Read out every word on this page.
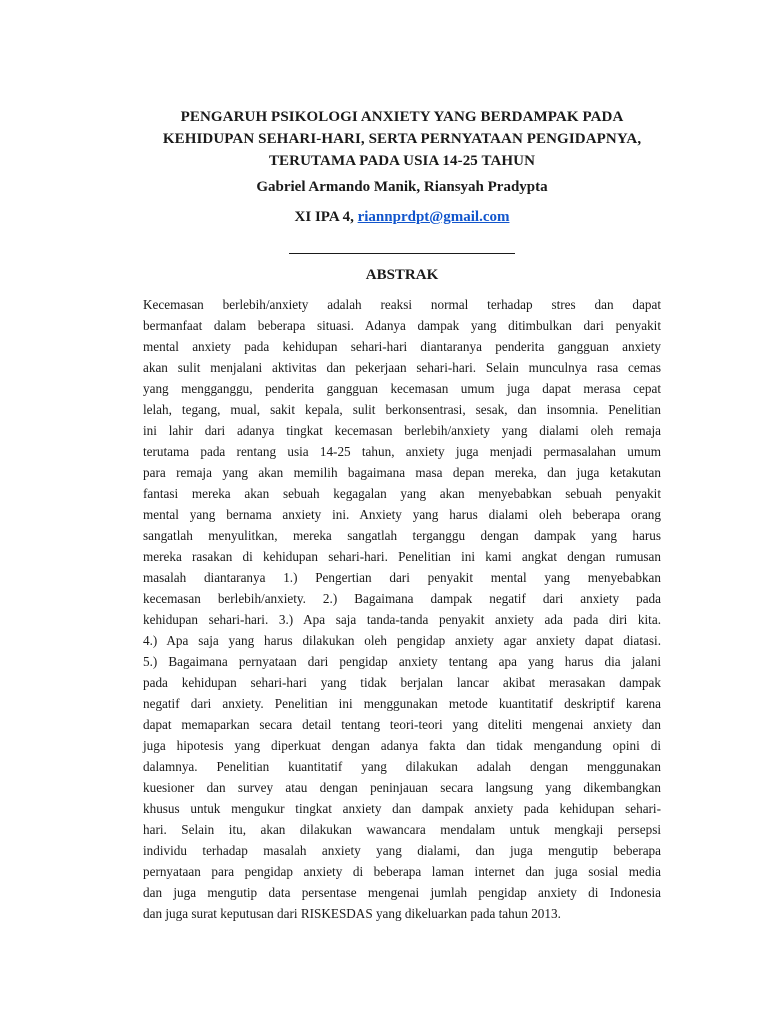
PENGARUH PSIKOLOGI ANXIETY YANG BERDAMPAK PADA
KEHIDUPAN SEHARI-HARI, SERTA PERNYATAAN PENGIDAPNYA,
TERUTAMA PADA USIA 14-25 TAHUN
Gabriel Armando Manik, Riansyah Pradypta
XI IPA 4, riannprdpt@gmail.com
ABSTRAK
Kecemasan berlebih/anxiety adalah reaksi normal terhadap stres dan dapat
bermanfaat dalam beberapa situasi. Adanya dampak yang ditimbulkan dari penyakit
mental anxiety pada kehidupan sehari-hari diantaranya penderita gangguan anxiety
akan sulit menjalani aktivitas dan pekerjaan sehari-hari. Selain munculnya rasa cemas
yang mengganggu, penderita gangguan kecemasan umum juga dapat merasa cepat
lelah, tegang, mual, sakit kepala, sulit berkonsentrasi, sesak, dan insomnia. Penelitian
ini lahir dari adanya tingkat kecemasan berlebih/anxiety yang dialami oleh remaja
terutama pada rentang usia 14-25 tahun, anxiety juga menjadi permasalahan umum
para remaja yang akan memilih bagaimana masa depan mereka, dan juga ketakutan
fantasi mereka akan sebuah kegagalan yang akan menyebabkan sebuah penyakit
mental yang bernama anxiety ini. Anxiety yang harus dialami oleh beberapa orang
sangatlah menyulitkan, mereka sangatlah terganggu dengan dampak yang harus
mereka rasakan di kehidupan sehari-hari. Penelitian ini kami angkat dengan rumusan
masalah diantaranya 1.) Pengertian dari penyakit mental yang menyebabkan
kecemasan berlebih/anxiety. 2.) Bagaimana dampak negatif dari anxiety pada
kehidupan sehari-hari. 3.) Apa saja tanda-tanda penyakit anxiety ada pada diri kita.
4.) Apa saja yang harus dilakukan oleh pengidap anxiety agar anxiety dapat diatasi.
5.) Bagaimana pernyataan dari pengidap anxiety tentang apa yang harus dia jalani
pada kehidupan sehari-hari yang tidak berjalan lancar akibat merasakan dampak
negatif dari anxiety. Penelitian ini menggunakan metode kuantitatif deskriptif karena
dapat memaparkan secara detail tentang teori-teori yang diteliti mengenai anxiety dan
juga hipotesis yang diperkuat dengan adanya fakta dan tidak mengandung opini di
dalamnya. Penelitian kuantitatif yang dilakukan adalah dengan menggunakan
kuesioner dan survey atau dengan peninjauan secara langsung yang dikembangkan
khusus untuk mengukur tingkat anxiety dan dampak anxiety pada kehidupan sehari-
hari. Selain itu, akan dilakukan wawancara mendalam untuk mengkaji persepsi
individu terhadap masalah anxiety yang dialami, dan juga mengutip beberapa
pernyataan para pengidap anxiety di beberapa laman internet dan juga sosial media
dan juga mengutip data persentase mengenai jumlah pengidap anxiety di Indonesia
dan juga surat keputusan dari RISKESDAS yang dikeluarkan pada tahun 2013.
